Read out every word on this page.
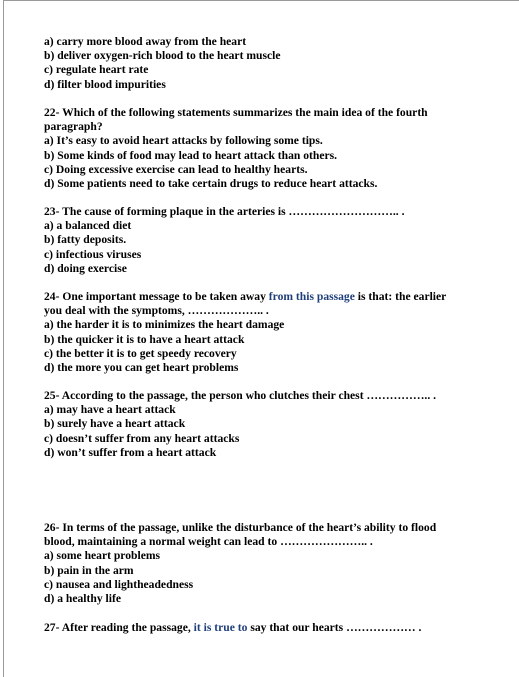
a) carry more blood away from the heart
b) deliver oxygen-rich blood to the heart muscle
c) regulate heart rate
d) filter blood impurities
22- Which of the following statements summarizes the main idea of the fourth
paragraph?
a) It’s easy to avoid heart attacks by following some tips.
b) Some kinds of food may lead to heart attack than others.
c) Doing excessive exercise can lead to healthy hearts.
d) Some patients need to take certain drugs to reduce heart attacks.
23- The cause of forming plaque in the arteries is ……………………….. .
a) a balanced diet
b) fatty deposits.
c) infectious viruses
d) doing exercise
24- One important message to be taken away from this passage is that: the earlier
you deal with the symptoms, ……………….. .
a) the harder it is to minimizes the heart damage
b) the quicker it is to have a heart attack
c) the better it is to get speedy recovery
d) the more you can get heart problems
25- According to the passage, the person who clutches their chest …………….. .
a) may have a heart attack
b) surely have a heart attack
c) doesn’t suffer from any heart attacks
d) won’t suffer from a heart attack
26- In terms of the passage, unlike the disturbance of the heart’s ability to flood
blood, maintaining a normal weight can lead to ………………….. .
a) some heart problems
b) pain in the arm
c) nausea and lightheadedness
d) a healthy life
27- After reading the passage, it is true to say that our hearts ……………… .
